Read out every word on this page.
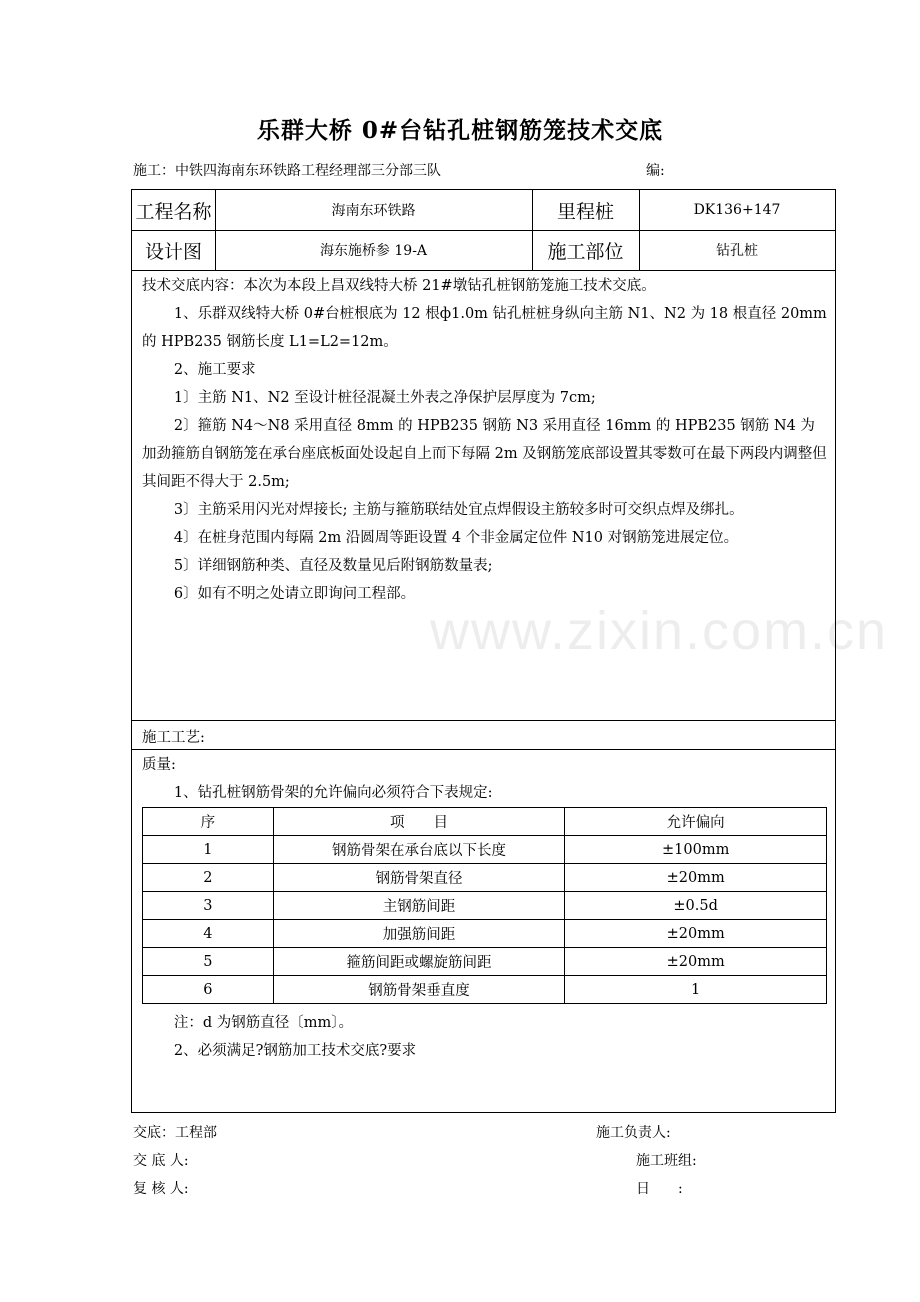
乐群大桥 0#台钻孔桩钢筋笼技术交底
施工：中铁四海南东环铁路工程经理部三分部三队	编:
工程名称	海南东环铁路	里程桩	DK136+147
设计图	海东施桥参 19-A	施工部位	钻孔桩

技术交底内容：本次为本段上昌双线特大桥 21#墩钻孔桩钢筋笼施工技术交底。

1、乐群双线特大桥 0#台桩根底为 12 根ф1.0m 钻孔桩桩身纵向主筋 N1、N2 为 18 根直径 20mm 的 HPB235 钢筋长度 L1=L2=12m。

2、施工要求

1〕主筋 N1、N2 至设计桩径混凝土外表之净保护层厚度为 7cm;

2〕箍筋 N4～N8 采用直径 8mm 的 HPB235 钢筋 N3 采用直径 16mm 的 HPB235 钢筋 N4 为加劲箍筋自钢筋笼在承台座底板面处设起自上而下每隔 2m 及钢筋笼底部设置其零数可在最下两段内调整但其间距不得大于 2.5m;

3〕主筋采用闪光对焊接长; 主筋与箍筋联结处宜点焊假设主筋较多时可交织点焊及绑扎。

4〕在桩身范围内每隔 2m 沿圆周等距设置 4 个非金属定位件 N10 对钢筋笼进展定位。

5〕详细钢筋种类、直径及数量见后附钢筋数量表;

6〕如有不明之处请立即询问工程部。

施工工艺:

质量:

1、钻孔桩钢筋骨架的允许偏向必须符合下表规定:

序	项　　目	允许偏向
1	钢筋骨架在承台底以下长度	±100mm
2	钢筋骨架直径	±20mm
3	主钢筋间距	±0.5d
4	加强筋间距	±20mm
5	箍筋间距或螺旋筋间距	±20mm
6	钢筋骨架垂直度	1

注：d 为钢筋直径〔mm〕。

2、必须满足?钢筋加工技术交底?要求

www.zixin.com.cn
交底：工程部
交 底 人:
复 核 人:
施工负责人:
施工班组:
日　　:
